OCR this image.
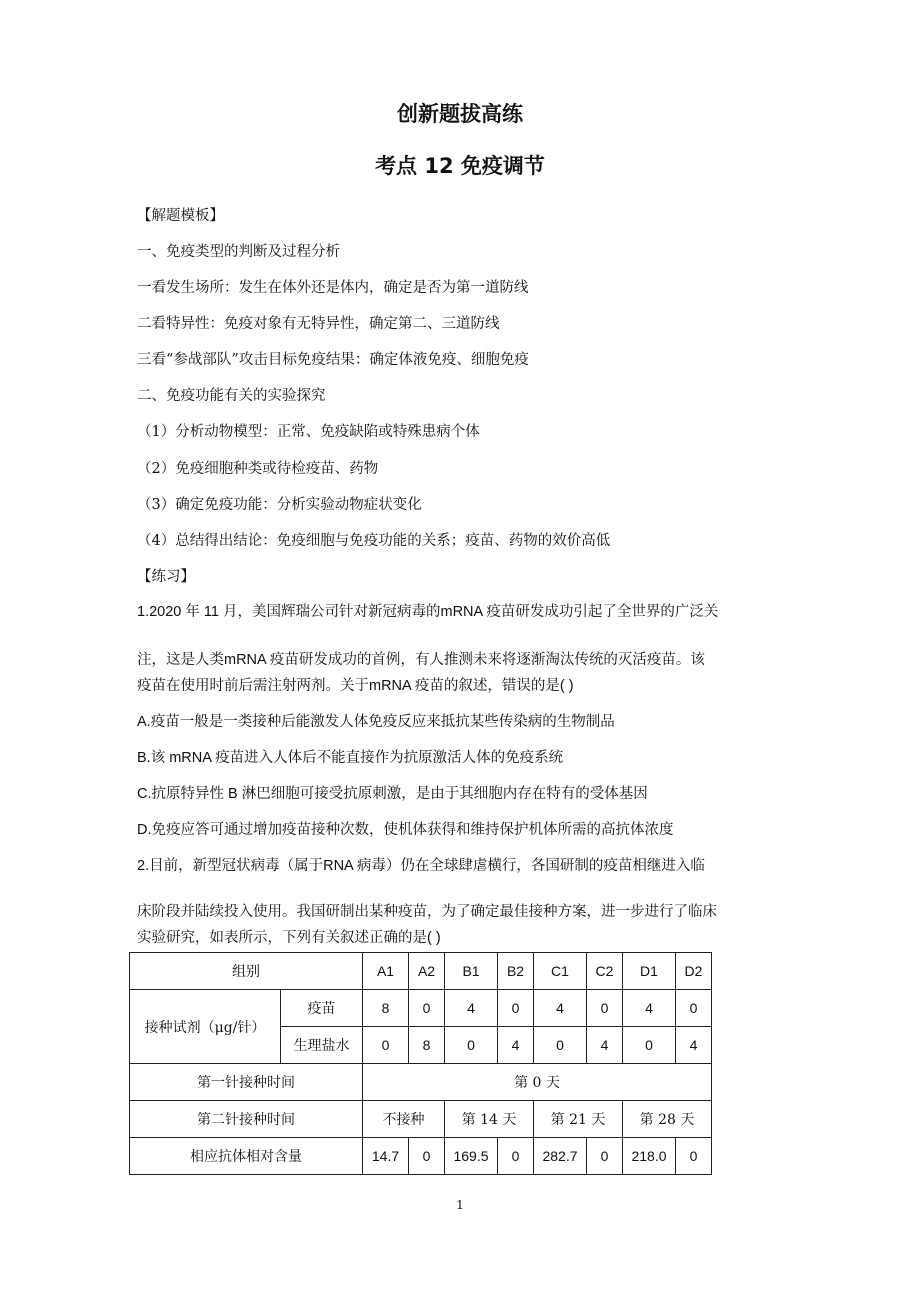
创新题拔高练
考点 12 免疫调节
【解题模板】
一、免疫类型的判断及过程分析
一看发生场所：发生在体外还是体内，确定是否为第一道防线
二看特异性：免疫对象有无特异性，确定第二、三道防线
三看“参战部队”攻击目标免疫结果：确定体液免疫、细胞免疫
二、免疫功能有关的实验探究
（1）分析动物模型：正常、免疫缺陷或特殊患病个体
（2）免疫细胞种类或待检疫苗、药物
（3）确定免疫功能：分析实验动物症状变化
（4）总结得出结论：免疫细胞与免疫功能的关系；疫苗、药物的效价高低
【练习】
1.2020 年 11 月，美国辉瑞公司针对新冠病毒的mRNA 疫苗研发成功引起了全世界的广泛关
注，这是人类mRNA 疫苗研发成功的首例，有人推测未来将逐渐淘汰传统的灭活疫苗。该
疫苗在使用时前后需注射两剂。关于mRNA 疫苗的叙述，错误的是( )
A.疫苗一般是一类接种后能激发人体免疫反应来抵抗某些传染病的生物制品
B.该 mRNA 疫苗进入人体后不能直接作为抗原激活人体的免疫系统
C.抗原特异性 B 淋巴细胞可接受抗原刺激，是由于其细胞内存在特有的受体基因
D.免疫应答可通过增加疫苗接种次数，使机体获得和维持保护机体所需的高抗体浓度
2.目前，新型冠状病毒（属于RNA 病毒）仍在全球肆虐横行，各国研制的疫苗相继进入临
床阶段并陆续投入使用。我国研制出某种疫苗，为了确定最佳接种方案，进一步进行了临床
实验研究，如表所示，下列有关叙述正确的是( )
组别		A1	A2	B1	B2	C1	C2	D1	D2
接种试剂（μg/针）	疫苗	8	0	4	0	4	0	4	0
	生理盐水	0	8	0	4	0	4	0	4
第一针接种时间		第 0 天							
第二针接种时间		不接种		第 14 天		第 21 天		第 28 天	
相应抗体相对含量		14.7	0	169.5	0	282.7	0	218.0	0
1
